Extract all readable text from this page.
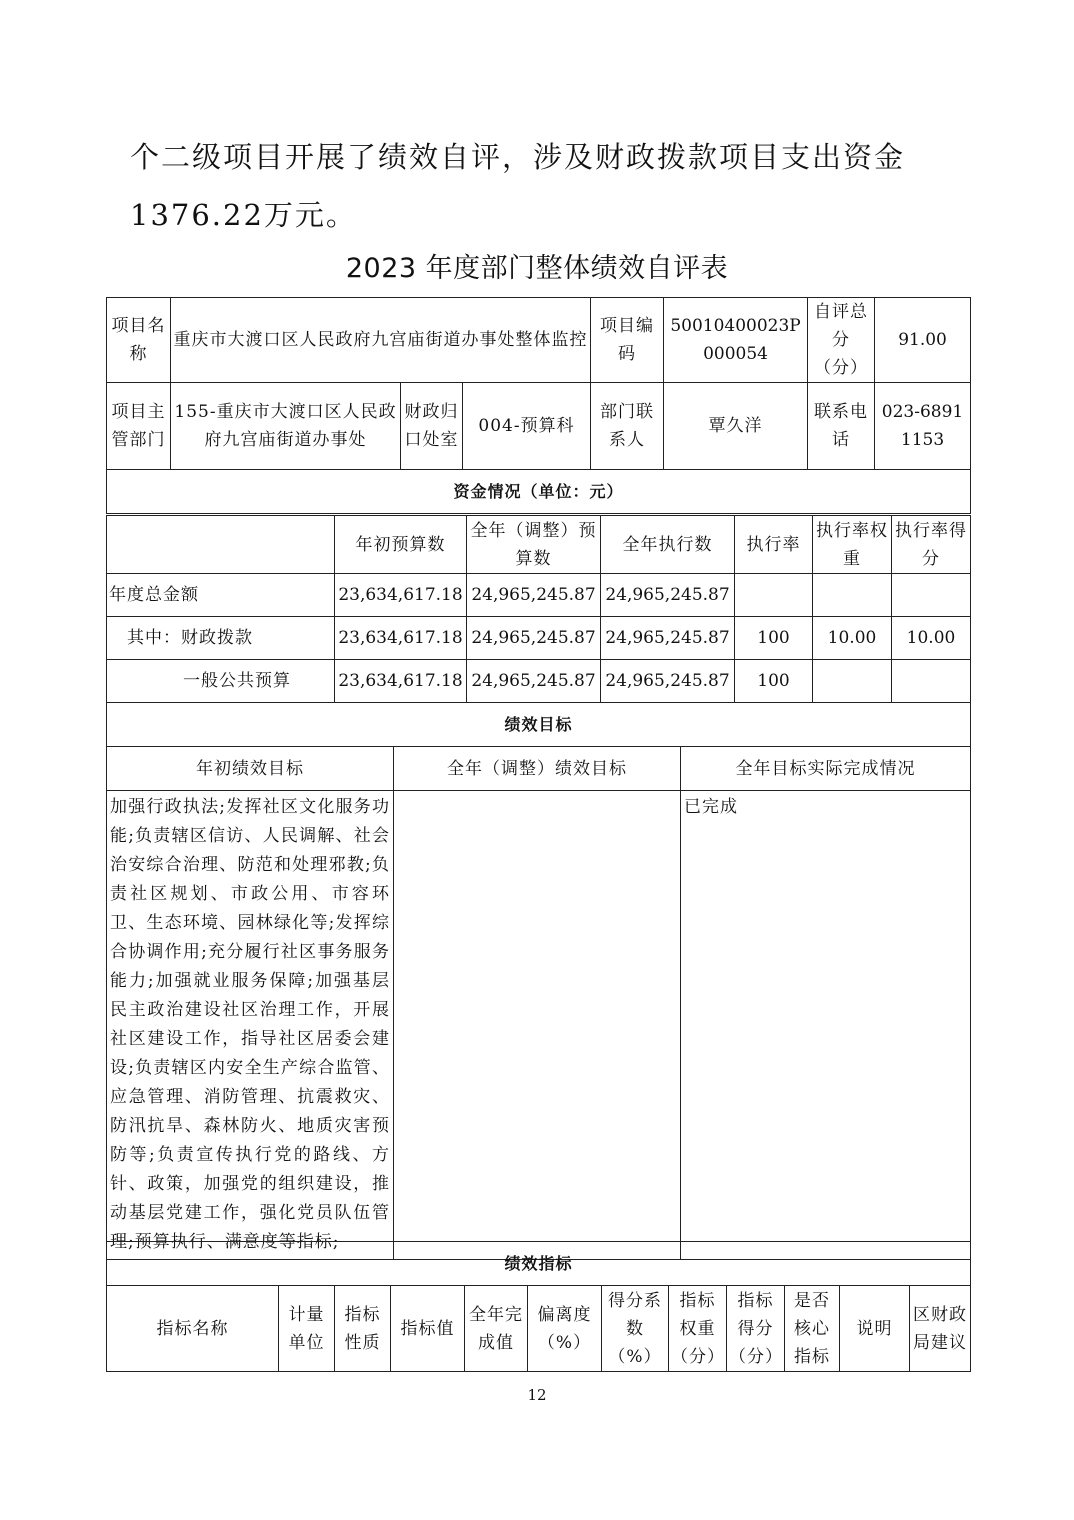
个二级项目开展了绩效自评，涉及财政拨款项目支出资金 1376.22万元。

2023 年度部门整体绩效自评表
项目名称	重庆市大渡口区人民政府九宫庙街道办事处整体监控			项目编码	50010400023P000054	自评总分（分）	91.00
项目主管部门	155-重庆市大渡口区人民政府九宫庙街道办事处	财政归口处室	004-预算科	部门联系人	覃久洋	联系电话	023-68911153
资金情况（单位：元）							
	年初预算数	全年（调整）预算数	全年执行数	执行率	执行率权重	执行率得分
年度总金额	23,634,617.18	24,965,245.87	24,965,245.87			
其中：财政拨款	23,634,617.18	24,965,245.87	24,965,245.87	100	10.00	10.00
一般公共预算	23,634,617.18	24,965,245.87	24,965,245.87	100		
绩效目标		
年初绩效目标	全年（调整）绩效目标	全年目标实际完成情况
加强行政执法;发挥社区文化服务功能;负责辖区信访、人民调解、社会治安综合治理、防范和处理邪教;负责社区规划、市政公用、市容环卫、生态环境、园林绿化等;发挥综合协调作用;充分履行社区事务服务能力;加强就业服务保障;加强基层民主政治建设社区治理工作，开展社区建设工作，指导社区居委会建设;负责辖区内安全生产综合监管、应急管理、消防管理、抗震救灾、防汛抗旱、森林防火、地质灾害预防等;负责宣传执行党的路线、方针、政策，加强党的组织建设，推动基层党建工作，强化党员队伍管理;预算执行、满意度等指标;		已完成
绩效指标
指标名称	计量单位	指标性质	指标值	全年完成值	偏离度（%）	得分系数（%）	指标权重（分）	指标得分（分）	是否核心指标	说明	区财政局建议
12
